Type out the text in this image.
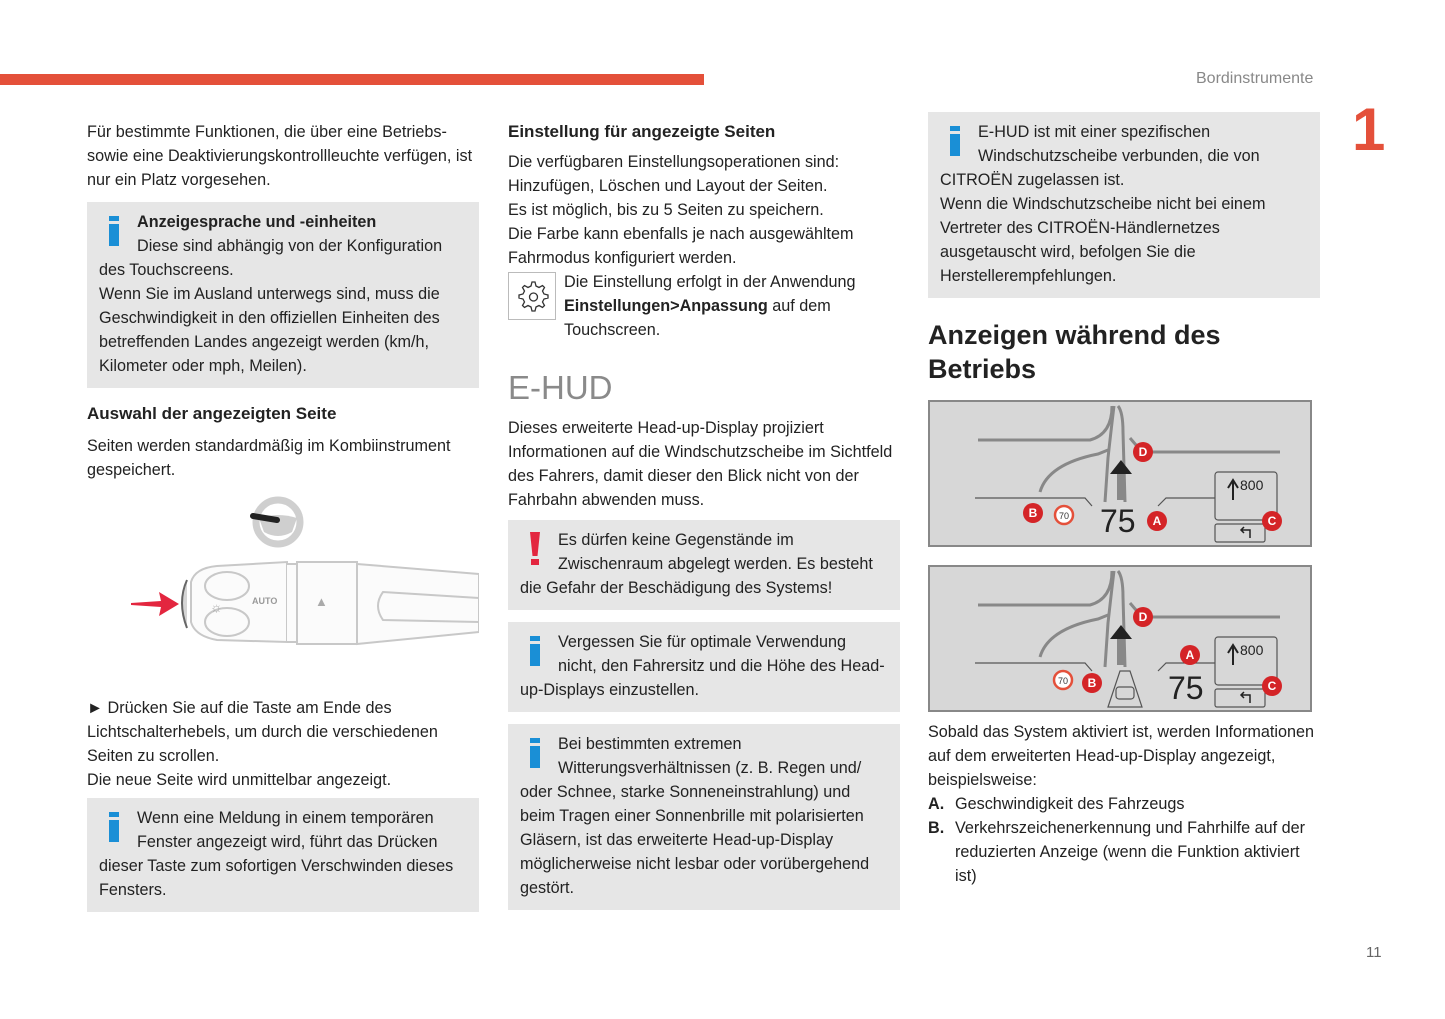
Bordinstrumente
1
11

Für bestimmte Funktionen, die über eine Betriebs- sowie eine Deaktivierungskontrollleuchte verfügen, ist nur ein Platz vorgesehen.

Anzeigesprache und -einheiten

Diese sind abhängig von der Konfiguration des Touchscreens.

Wenn Sie im Ausland unterwegs sind, muss die Geschwindigkeit in den offiziellen Einheiten des betreffenden Landes angezeigt werden (km/h, Kilometer oder mph, Meilen).

Auswahl der angezeigten Seite

Seiten werden standardmäßig im Kombiinstrument gespeichert.

AUTO
☼	▲

► Drücken Sie auf die Taste am Ende des Lichtschalterhebels, um durch die verschiedenen Seiten zu scrollen.

Die neue Seite wird unmittelbar angezeigt.

Wenn eine Meldung in einem temporären Fenster angezeigt wird, führt das Drücken dieser Taste zum sofortigen Verschwinden dieses Fensters.

Einstellung für angezeigte Seiten

Die verfügbaren Einstellungsoperationen sind:

Hinzufügen, Löschen und Layout der Seiten.

Es ist möglich, bis zu 5 Seiten zu speichern.

Die Farbe kann ebenfalls je nach ausgewähltem Fahrmodus konfiguriert werden.

Die Einstellung erfolgt in der Anwendung Einstellungen>Anpassung auf dem Touchscreen.

E-HUD

Dieses erweiterte Head-up-Display projiziert Informationen auf die Windschutzscheibe im Sichtfeld des Fahrers, damit dieser den Blick nicht von der Fahrbahn abwenden muss.

Es dürfen keine Gegenstände im Zwischenraum abgelegt werden. Es besteht die Gefahr der Beschädigung des Systems!

Vergessen Sie für optimale Verwendung nicht, den Fahrersitz und die Höhe des Head-up-Displays einzustellen.

Bei bestimmten extremen Witterungsverhältnissen (z. B. Regen und/ oder Schnee, starke Sonneneinstrahlung) und beim Tragen einer Sonnenbrille mit polarisierten Gläsern, ist das erweiterte Head-up-Display möglicherweise nicht lesbar oder vorübergehend gestört.

E-HUD ist mit einer spezifischen Windschutzscheibe verbunden, die von CITROËN zugelassen ist.

Wenn die Windschutzscheibe nicht bei einem Vertreter des CITROËN-Händlernetzes ausgetauscht wird, befolgen Sie die Herstellerempfehlungen.

Anzeigen während des Betriebs

75
70
800
A
B
C
D
75
70
800
A
B	C
D

Sobald das System aktiviert ist, werden Informationen auf dem erweiterten Head-up-Display angezeigt, beispielsweise:

A. Geschwindigkeit des Fahrzeugs
B. Verkehrszeichenerkennung und Fahrhilfe auf der reduzierten Anzeige (wenn die Funktion aktiviert ist)
